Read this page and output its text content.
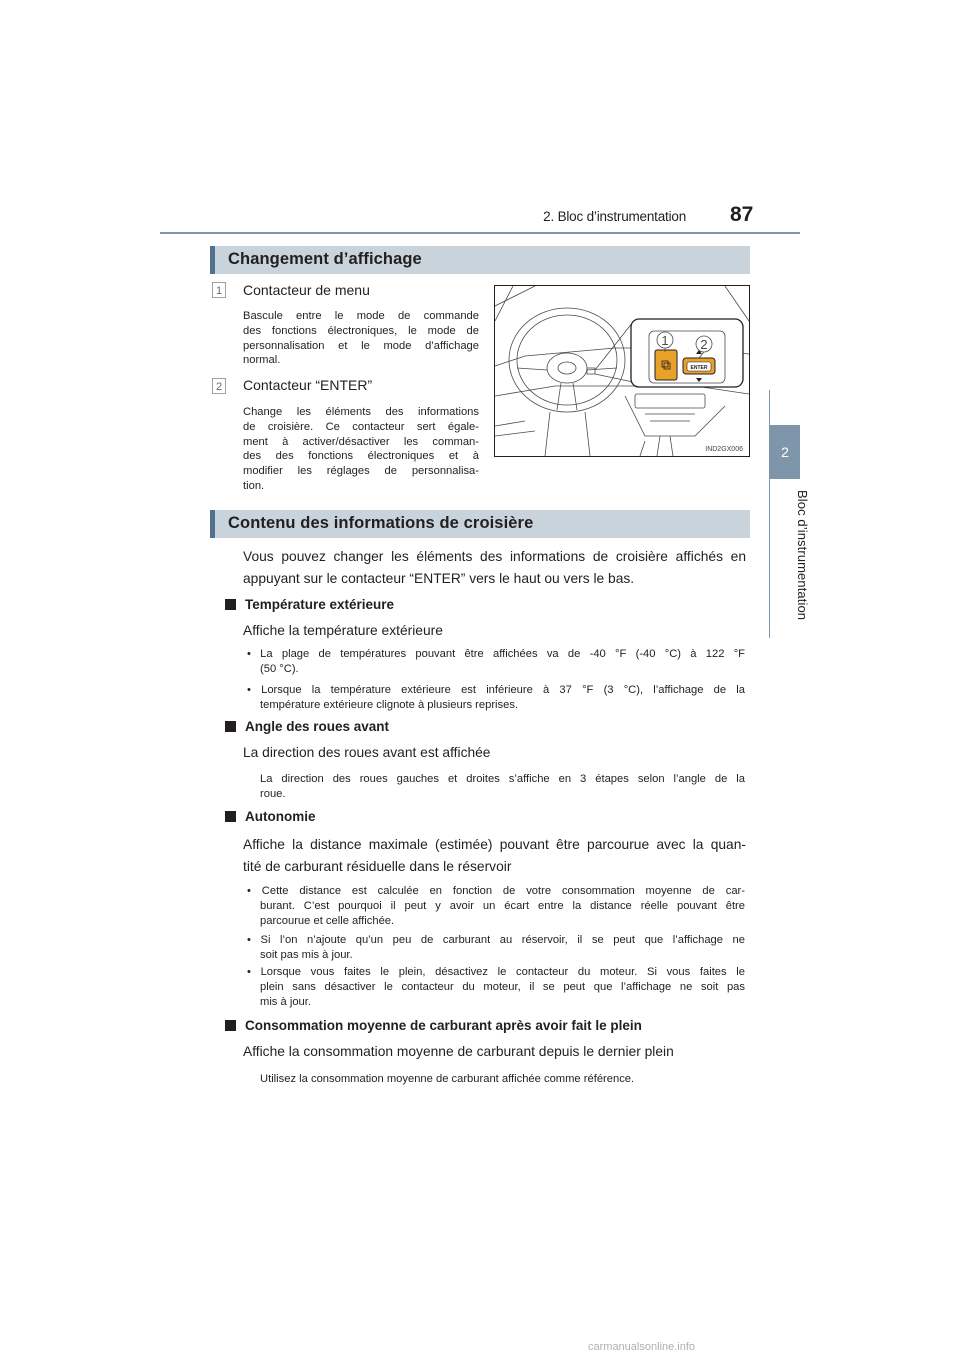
2. Bloc d’instrumentation 87
2
Bloc d’instrumentation
Changement d’affichage
1 Contacteur de menu
Bascule entre le mode de commande
des fonctions électroniques, le mode de
personnalisation et le mode d’affichage
normal.
2 Contacteur “ENTER”
Change les éléments des informations
de croisière. Ce contacteur sert égale-
ment à activer/désactiver les comman-
des des fonctions électroniques et à
modifier les réglages de personnalisa-
tion.
ENTER
1 2
IND2GX006
Contenu des informations de croisière
Vous pouvez changer les éléments des informations de croisière affichés en
appuyant sur le contacteur “ENTER” vers le haut ou vers le bas.
Température extérieure
Affiche la température extérieure
• La plage de températures pouvant être affichées va de -40 °F (-40 °C) à 122 °F
(50 °C).
• Lorsque la température extérieure est inférieure à 37 °F (3 °C), l’affichage de la
température extérieure clignote à plusieurs reprises.
Angle des roues avant
La direction des roues avant est affichée
La direction des roues gauches et droites s’affiche en 3 étapes selon l’angle de la
roue.
Autonomie
Affiche la distance maximale (estimée) pouvant être parcourue avec la quan-
tité de carburant résiduelle dans le réservoir
• Cette distance est calculée en fonction de votre consommation moyenne de car-
burant. C’est pourquoi il peut y avoir un écart entre la distance réelle pouvant être
parcourue et celle affichée.
• Si l’on n’ajoute qu’un peu de carburant au réservoir, il se peut que l’affichage ne
soit pas mis à jour.
• Lorsque vous faites le plein, désactivez le contacteur du moteur. Si vous faites le
plein sans désactiver le contacteur du moteur, il se peut que l’affichage ne soit pas
mis à jour.
Consommation moyenne de carburant après avoir fait le plein
Affiche la consommation moyenne de carburant depuis le dernier plein
Utilisez la consommation moyenne de carburant affichée comme référence.
carmanualsonline.info
